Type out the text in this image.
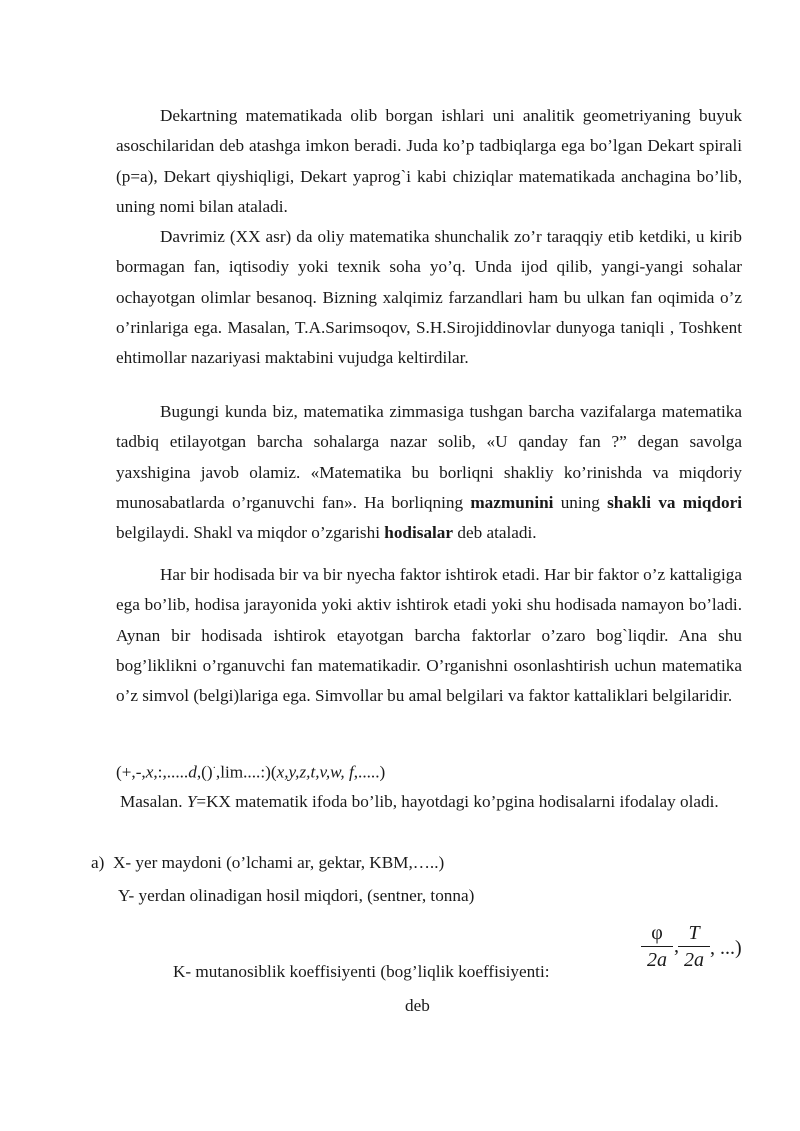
Dekartning matematikada olib borgan ishlari uni analitik geometriyaning buyuk asoschilaridan deb atashga imkon beradi. Juda ko’p tadbiqlarga ega bo’lgan Dekart spirali (p=a), Dekart qiyshiqligi, Dekart yaprog`i kabi chiziqlar matematikada anchagina bo’lib, uning nomi bilan ataladi.

Davrimiz (XX asr) da oliy matematika shunchalik zo’r taraqqiy etib ketdiki, u kirib bormagan fan, iqtisodiy yoki texnik soha yo’q. Unda ijod qilib, yangi-yangi sohalar ochayotgan olimlar besanoq. Bizning xalqimiz farzandlari ham bu ulkan fan oqimida o’z o’rinlariga ega. Masalan, T.A.Sarimsoqov, S.H.Sirojiddinovlar dunyoga taniqli , Toshkent ehtimollar nazariyasi maktabini vujudga keltirdilar.

Bugungi kunda biz, matematika zimmasiga tushgan barcha vazifalarga matematika tadbiq etilayotgan barcha sohalarga nazar solib, «U qanday fan ?” degan savolga yaxshigina javob olamiz. «Matematika bu borliqni shakliy ko’rinishda va miqdoriy munosabatlarda o’rganuvchi fan». Ha borliqning mazmunini uning shakli va miqdori belgilaydi. Shakl va miqdor o’zgarishi hodisalar deb ataladi.

Har bir hodisada bir va bir nyecha faktor ishtirok etadi. Har bir faktor o’z kattaligiga ega bo’lib, hodisa jarayonida yoki aktiv ishtirok etadi yoki shu hodisada namayon bo’ladi. Aynan bir hodisada ishtirok etayotgan barcha faktorlar o’zaro bog`liqdir. Ana shu bog’liklikni o’rganuvchi fan matematikadir. O’rganishni osonlashtirish uchun matematika o’z simvol (belgi)lariga ega. Simvollar bu amal belgilari va faktor kattaliklari belgilaridir.

(+,-,x,:,.....d,()·,lim....:)(x,y,z,t,v,w, f,.....)

Masalan. Y=KX matematik ifoda bo’lib, hayotdagi ko’pgina hodisalarni ifodalay oladi.

a) X- yer maydoni (o’lchami ar, gektar, KBM,…..)

Y- yerdan olinadigan hosil miqdori, (sentner, tonna)

K- mutanosiblik koeffisiyenti (bog’liqlik koeffisiyenti:

φ
2a
,
T
2a
, ...)

deb
